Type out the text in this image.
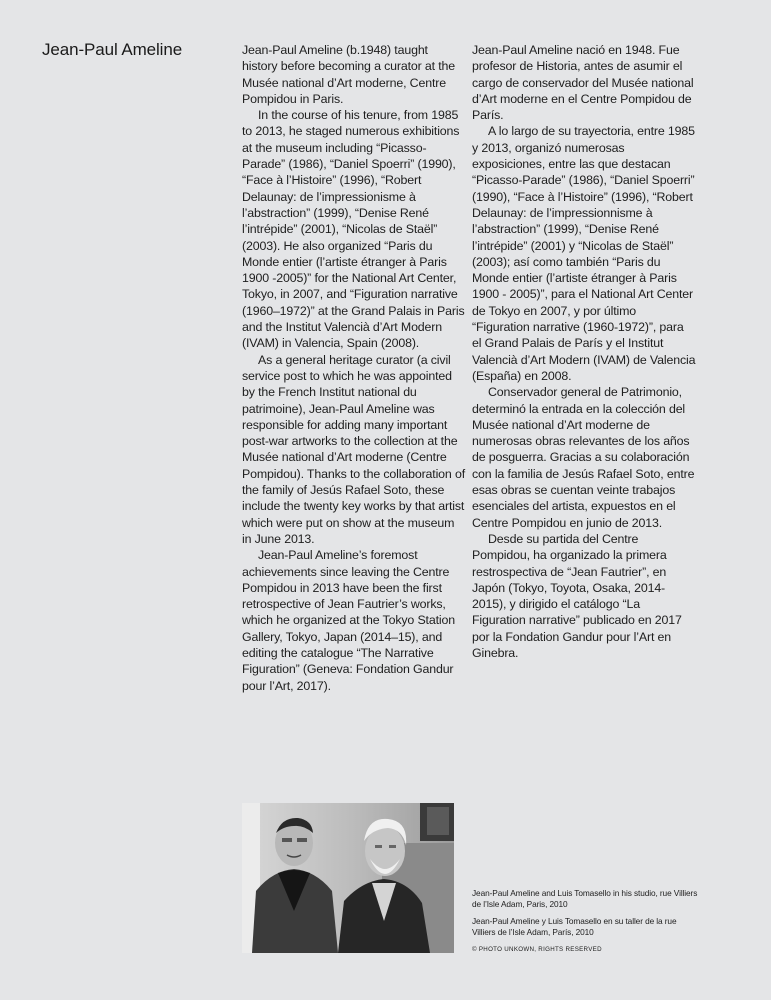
Jean-Paul Ameline	Jean-Paul Ameline (b.1948) taught history before becoming a curator at the Musée national d’Art moderne, Centre Pompidou in Paris.

In the course of his tenure, from 1985 to 2013, he staged numerous exhibitions at the museum including “Picasso-Parade” (1986), “Daniel Spoerri” (1990), “Face à l’Histoire” (1996), “Robert Delaunay: de l’impressionisme à l’abstraction” (1999), “Denise René l’intrépide” (2001), “Nicolas de Staël” (2003). He also organized “Paris du Monde entier (l’artiste étranger à Paris 1900 -2005)” for the National Art Center, Tokyo, in 2007, and “Figuration narrative (1960–1972)” at the Grand Palais in Paris and the Institut Valencià d’Art Modern (IVAM) in Valencia, Spain (2008).

As a general heritage curator (a civil service post to which he was appointed by the French Institut national du patrimoine), Jean-Paul Ameline was responsible for adding many important post-war artworks to the collection at the Musée national d’Art moderne (Centre Pompidou). Thanks to the collaboration of the family of Jesús Rafael Soto, these include the twenty key works by that artist which were put on show at the museum in June 2013.

Jean-Paul Ameline’s foremost achievements since leaving the Centre Pompidou in 2013 have been the first retrospective of Jean Fautrier’s works, which he organized at the Tokyo Station Gallery, Tokyo, Japan (2014–15), and editing the catalogue “The Narrative Figuration” (Geneva: Fondation Gandur pour l’Art, 2017).

Jean-Paul Ameline nació en 1948. Fue profesor de Historia, antes de asumir el cargo de conservador del Musée national d’Art moderne en el Centre Pompidou de París.

A lo largo de su trayectoria, entre 1985 y 2013, organizó numerosas exposiciones, entre las que destacan “Picasso-Parade” (1986), “Daniel Spoerri” (1990), “Face à l’Histoire” (1996), “Robert Delaunay: de l’impressionnisme à l’abstraction” (1999), “Denise René l’intrépide” (2001) y “Nicolas de Staël” (2003); así como también “Paris du Monde entier (l’artiste étranger à Paris 1900 - 2005)”, para el National Art Center de Tokyo en 2007, y por último “Figuration narrative (1960-1972)”, para el Grand Palais de París y el Institut Valencià d’Art Modern (IVAM) de Valencia (España) en 2008.

Conservador general de Patrimonio, determinó la entrada en la colección del Musée national d’Art moderne de numerosas obras relevantes de los años de posguerra. Gracias a su colaboración con la familia de Jesús Rafael Soto, entre esas obras se cuentan veinte trabajos esenciales del artista, expuestos en el Centre Pompidou en junio de 2013.

Desde su partida del Centre Pompidou, ha organizado la primera restrospectiva de “Jean Fautrier”, en Japón (Tokyo, Toyota, Osaka, 2014-2015), y dirigido el catálogo “La Figuration narrative” publicado en 2017 por la Fondation Gandur pour l’Art en Ginebra.

Jean-Paul Ameline and Luis Tomasello in his studio, rue Villiers de l’Isle Adam, Paris, 2010
Jean-Paul Ameline y Luis Tomasello en su taller de la rue Villiers de l’Isle Adam, París, 2010
© PHOTO UNKOWN, RIGHTS RESERVED
